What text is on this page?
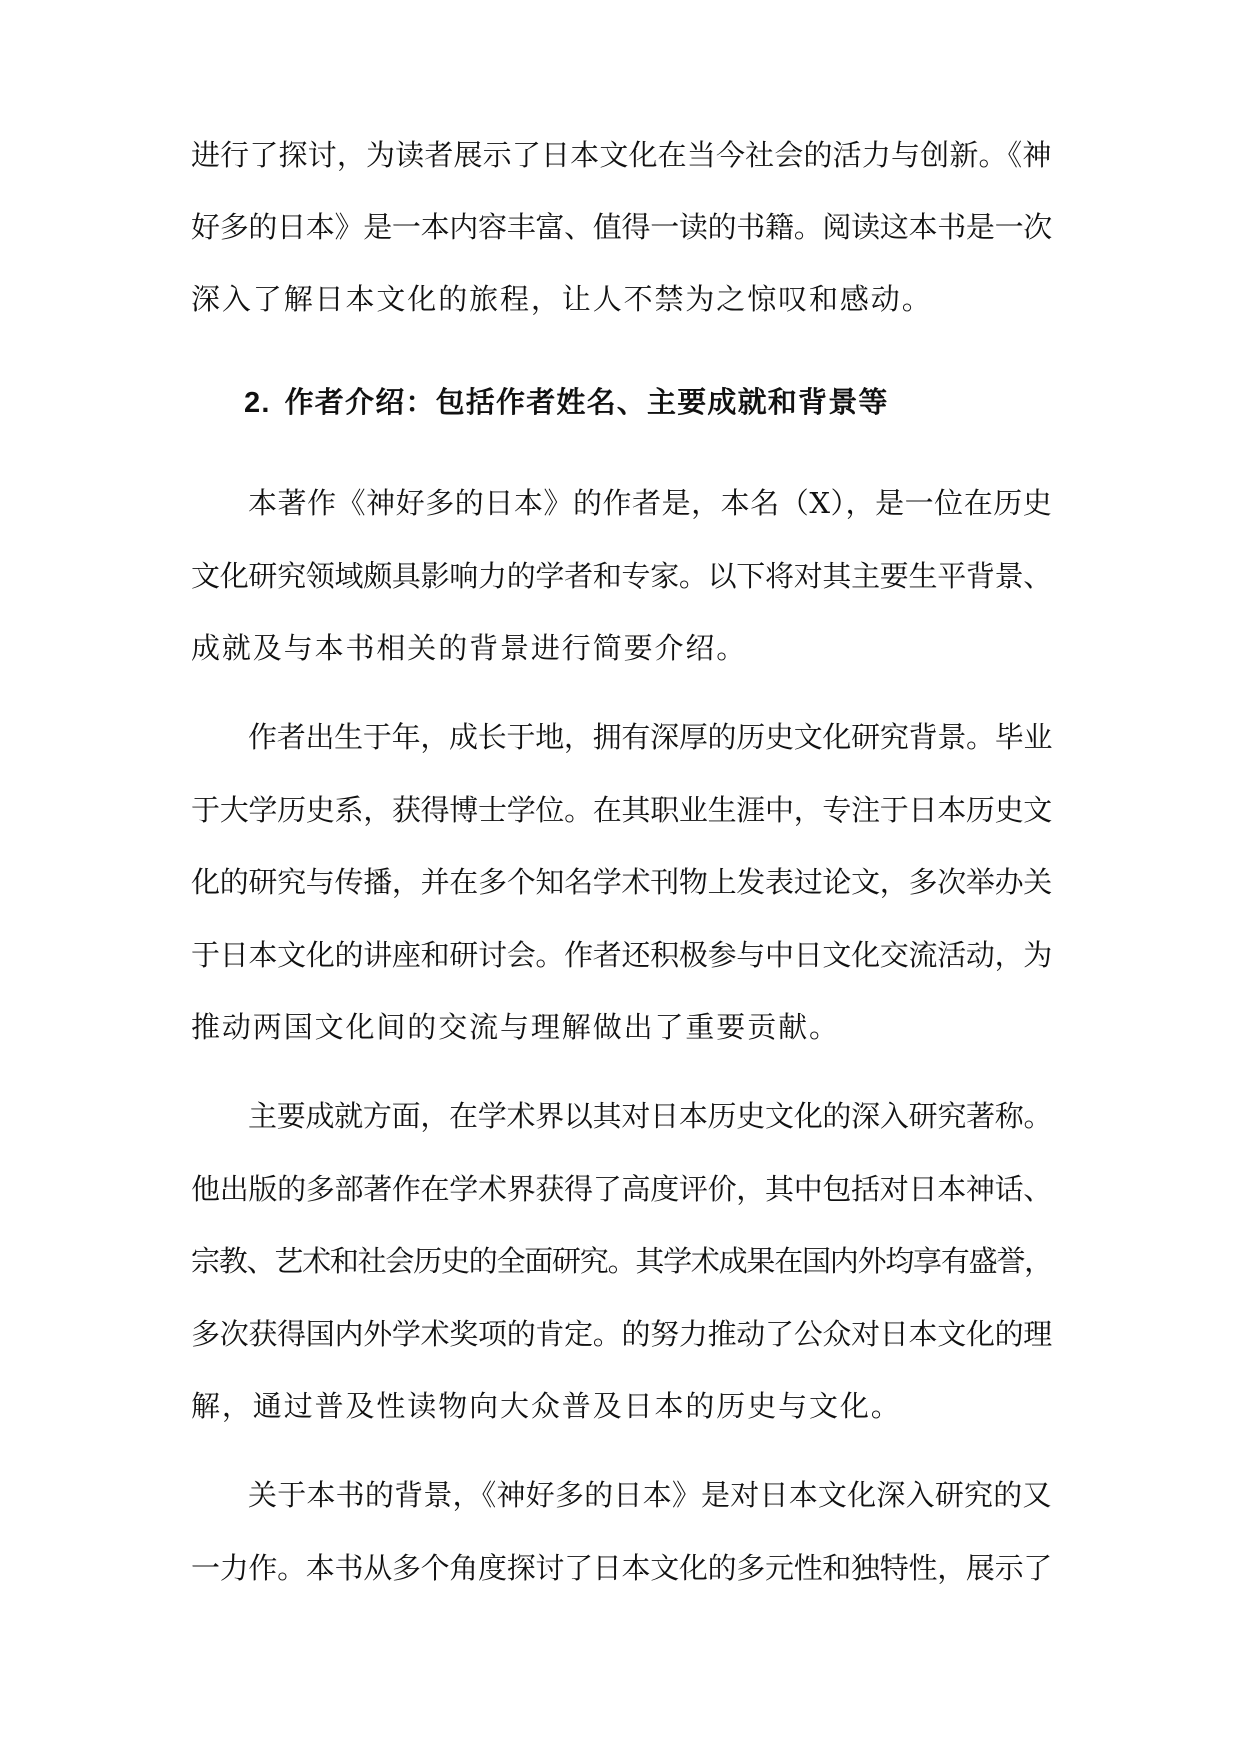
进行了探讨，为读者展示了日本文化在当今社会的活力与创新。《神
好多的日本》是一本内容丰富、值得一读的书籍。阅读这本书是一次
深入了解日本文化的旅程，让人不禁为之惊叹和感动。
2. 作者介绍：包括作者姓名、主要成就和背景等
本著作《神好多的日本》的作者是，本名（X），是一位在历史
文化研究领域颇具影响力的学者和专家。以下将对其主要生平背景、
成就及与本书相关的背景进行简要介绍。
作者出生于年，成长于地，拥有深厚的历史文化研究背景。毕业
于大学历史系，获得博士学位。在其职业生涯中，专注于日本历史文
化的研究与传播，并在多个知名学术刊物上发表过论文，多次举办关
于日本文化的讲座和研讨会。作者还积极参与中日文化交流活动，为
推动两国文化间的交流与理解做出了重要贡献。
主要成就方面，在学术界以其对日本历史文化的深入研究著称。
他出版的多部著作在学术界获得了高度评价，其中包括对日本神话、
宗教、艺术和社会历史的全面研究。其学术成果在国内外均享有盛誉，
多次获得国内外学术奖项的肯定。的努力推动了公众对日本文化的理
解，通过普及性读物向大众普及日本的历史与文化。
关于本书的背景，《神好多的日本》是对日本文化深入研究的又
一力作。本书从多个角度探讨了日本文化的多元性和独特性，展示了
